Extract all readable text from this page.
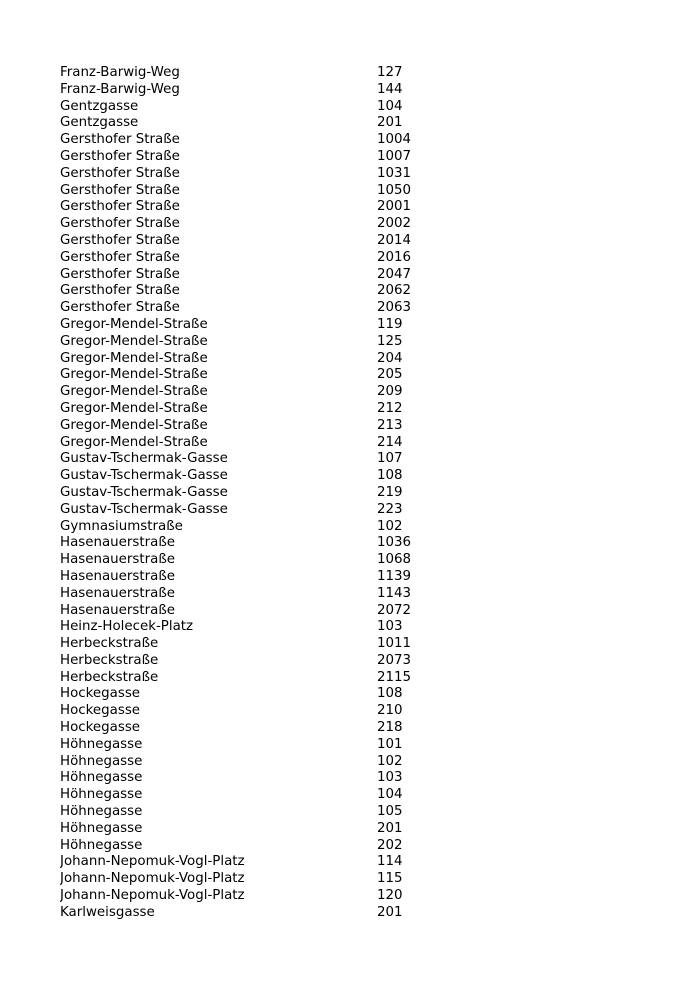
Franz-Barwig-Weg	127
Franz-Barwig-Weg	144
Gentzgasse	104
Gentzgasse	201
Gersthofer Straße	1004
Gersthofer Straße	1007
Gersthofer Straße	1031
Gersthofer Straße	1050
Gersthofer Straße	2001
Gersthofer Straße	2002
Gersthofer Straße	2014
Gersthofer Straße	2016
Gersthofer Straße	2047
Gersthofer Straße	2062
Gersthofer Straße	2063
Gregor-Mendel-Straße	119
Gregor-Mendel-Straße	125
Gregor-Mendel-Straße	204
Gregor-Mendel-Straße	205
Gregor-Mendel-Straße	209
Gregor-Mendel-Straße	212
Gregor-Mendel-Straße	213
Gregor-Mendel-Straße	214
Gustav-Tschermak-Gasse	107
Gustav-Tschermak-Gasse	108
Gustav-Tschermak-Gasse	219
Gustav-Tschermak-Gasse	223
Gymnasiumstraße	102
Hasenauerstraße	1036
Hasenauerstraße	1068
Hasenauerstraße	1139
Hasenauerstraße	1143
Hasenauerstraße	2072
Heinz-Holecek-Platz	103
Herbeckstraße	1011
Herbeckstraße	2073
Herbeckstraße	2115
Hockegasse	108
Hockegasse	210
Hockegasse	218
Höhnegasse	101
Höhnegasse	102
Höhnegasse	103
Höhnegasse	104
Höhnegasse	105
Höhnegasse	201
Höhnegasse	202
Johann-Nepomuk-Vogl-Platz	114
Johann-Nepomuk-Vogl-Platz	115
Johann-Nepomuk-Vogl-Platz	120
Karlweisgasse	201
